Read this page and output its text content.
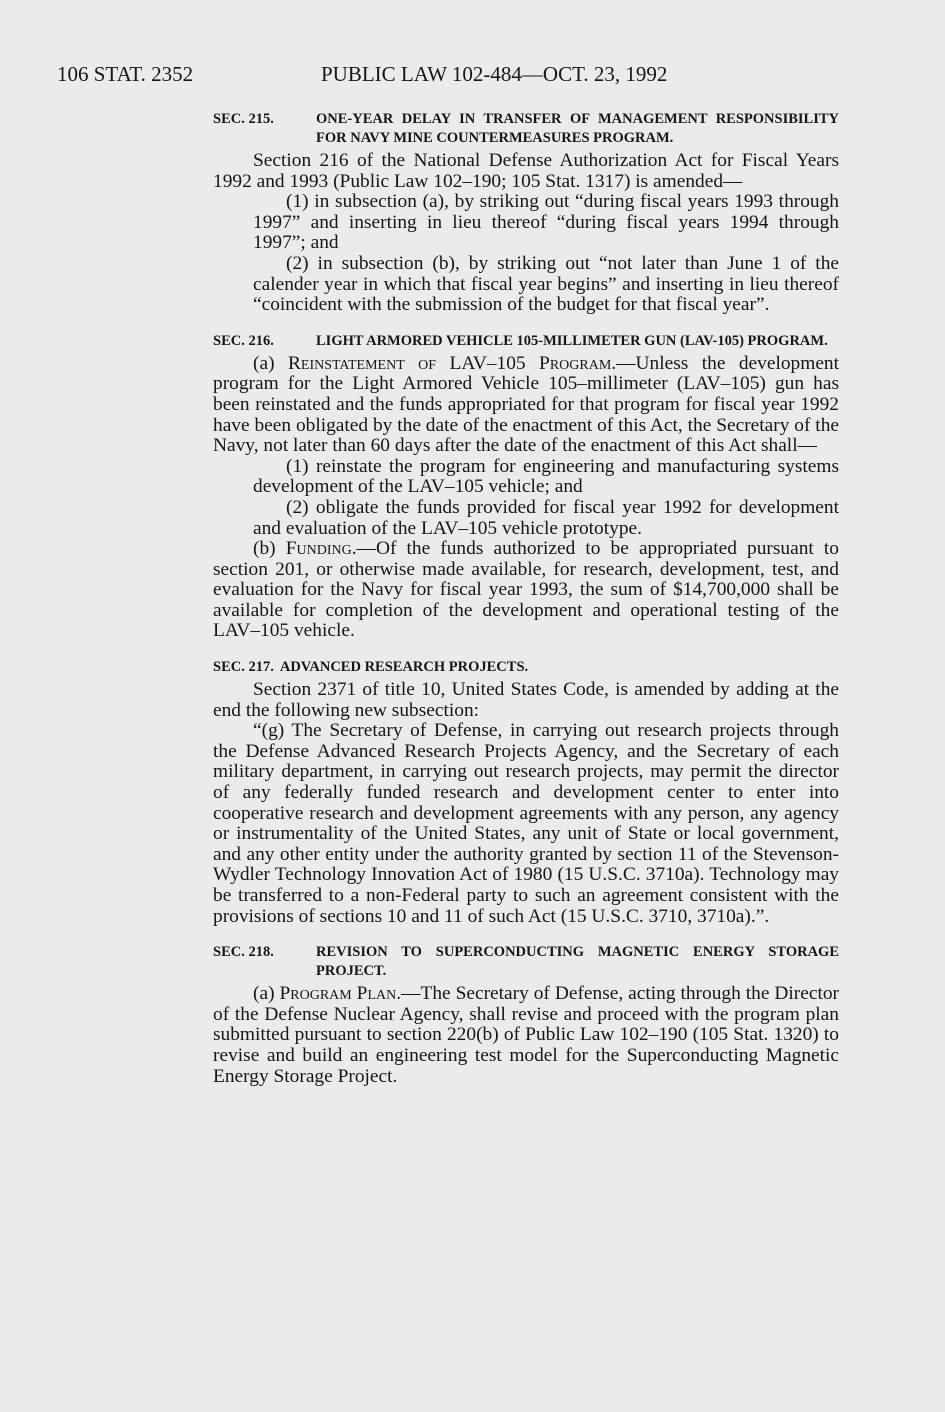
106 STAT. 2352	PUBLIC LAW 102-484—OCT. 23, 1992

SEC. 215.	ONE-YEAR DELAY IN TRANSFER OF MANAGEMENT RESPONSIBILITY FOR NAVY MINE COUNTERMEASURES PROGRAM.

Section 216 of the National Defense Authorization Act for Fiscal Years 1992 and 1993 (Public Law 102–190; 105 Stat. 1317) is amended—

(1) in subsection (a), by striking out “during fiscal years 1993 through 1997” and inserting in lieu thereof “during fiscal years 1994 through 1997”; and

(2) in subsection (b), by striking out “not later than June 1 of the calender year in which that fiscal year begins” and inserting in lieu thereof “coincident with the submission of the budget for that fiscal year”.

SEC. 216.	LIGHT ARMORED VEHICLE 105-MILLIMETER GUN (LAV-105) PROGRAM.

(a) Reinstatement of LAV–105 Program.—Unless the development program for the Light Armored Vehicle 105–millimeter (LAV–105) gun has been reinstated and the funds appropriated for that program for fiscal year 1992 have been obligated by the date of the enactment of this Act, the Secretary of the Navy, not later than 60 days after the date of the enactment of this Act shall—

(1) reinstate the program for engineering and manufacturing systems development of the LAV–105 vehicle; and

(2) obligate the funds provided for fiscal year 1992 for development and evaluation of the LAV–105 vehicle prototype.

(b) Funding.—Of the funds authorized to be appropriated pursuant to section 201, or otherwise made available, for research, development, test, and evaluation for the Navy for fiscal year 1993, the sum of $14,700,000 shall be available for completion of the development and operational testing of the LAV–105 vehicle.

SEC. 217. ADVANCED RESEARCH PROJECTS.

Section 2371 of title 10, United States Code, is amended by adding at the end the following new subsection:

“(g) The Secretary of Defense, in carrying out research projects through the Defense Advanced Research Projects Agency, and the Secretary of each military department, in carrying out research projects, may permit the director of any federally funded research and development center to enter into cooperative research and development agreements with any person, any agency or instrumentality of the United States, any unit of State or local government, and any other entity under the authority granted by section 11 of the Stevenson-Wydler Technology Innovation Act of 1980 (15 U.S.C. 3710a). Technology may be transferred to a non-Federal party to such an agreement consistent with the provisions of sections 10 and 11 of such Act (15 U.S.C. 3710, 3710a).”.

SEC. 218.	REVISION TO SUPERCONDUCTING MAGNETIC ENERGY STORAGE PROJECT.

(a) Program Plan.—The Secretary of Defense, acting through the Director of the Defense Nuclear Agency, shall revise and proceed with the program plan submitted pursuant to section 220(b) of Public Law 102–190 (105 Stat. 1320) to revise and build an engineering test model for the Superconducting Magnetic Energy Storage Project.
